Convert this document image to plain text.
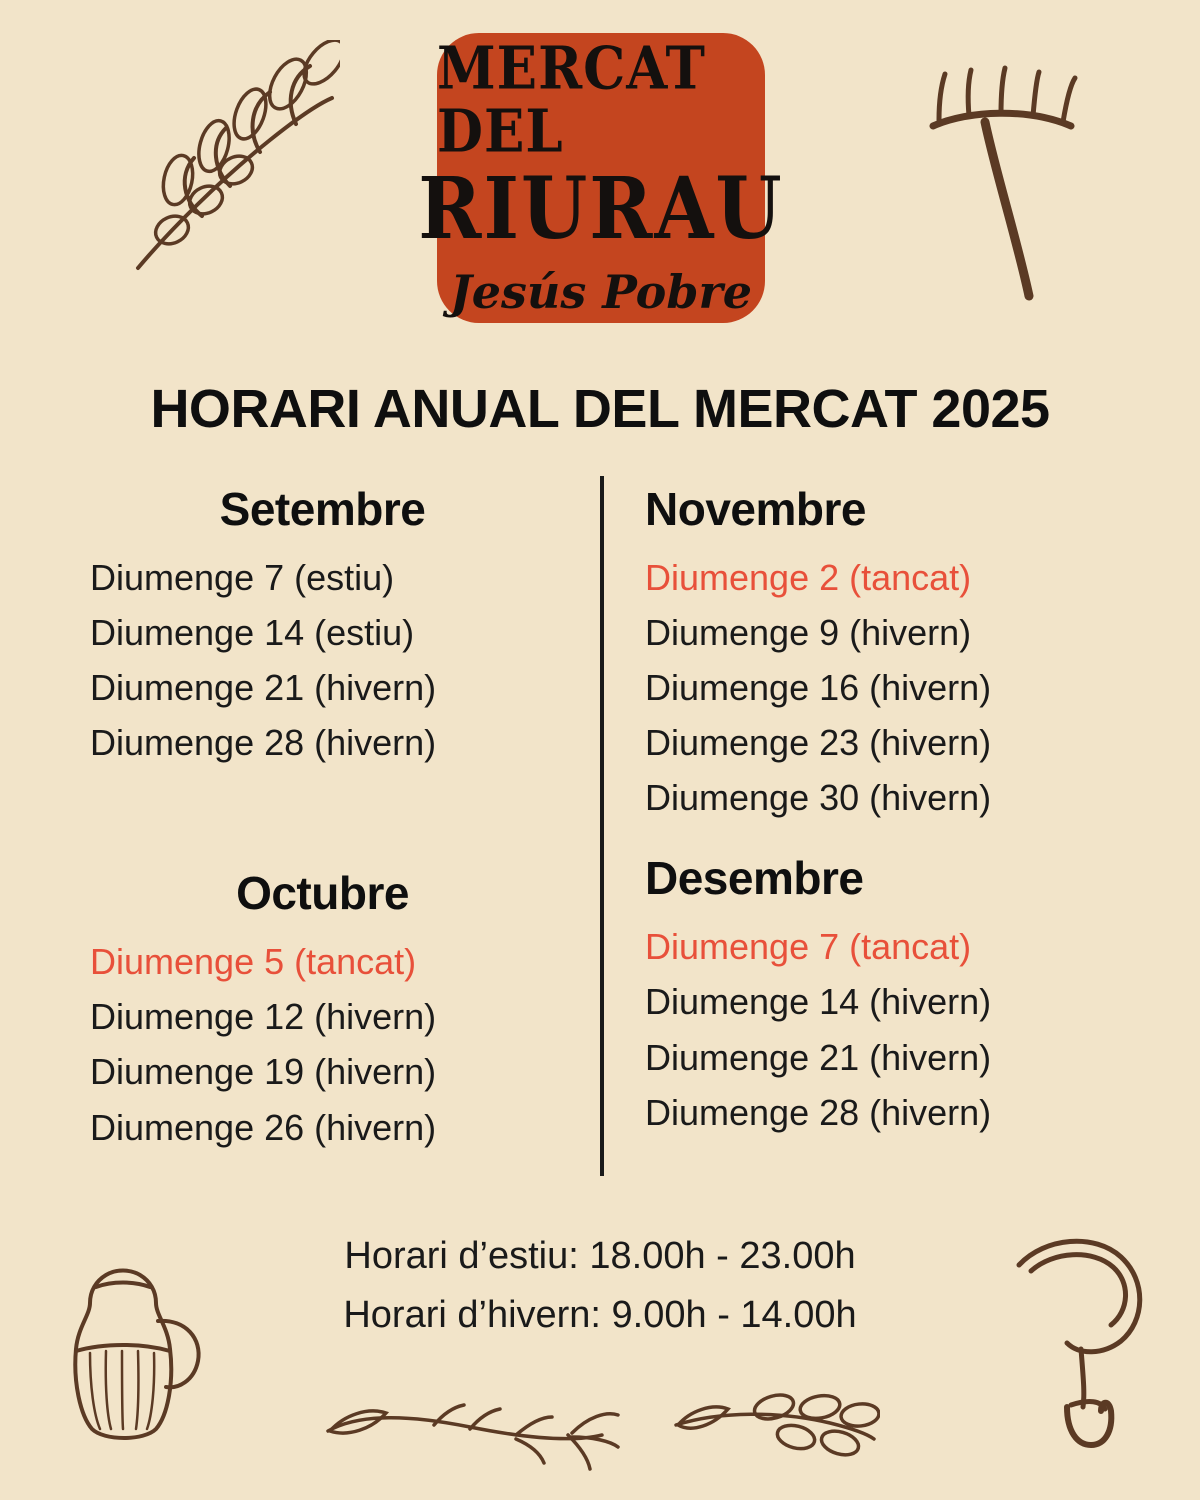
MERCAT DEL
RIURAU
Jesús Pobre
HORARI ANUAL DEL MERCAT 2025
Setembre
Diumenge 7 (estiu)
Diumenge 14 (estiu)
Diumenge 21 (hivern)
Diumenge 28 (hivern)
Octubre
Diumenge 5 (tancat)
Diumenge 12 (hivern)
Diumenge 19 (hivern)
Diumenge 26 (hivern)
Novembre
Diumenge 2 (tancat)
Diumenge 9 (hivern)
Diumenge 16 (hivern)
Diumenge 23 (hivern)
Diumenge 30 (hivern)
Desembre
Diumenge 7 (tancat)
Diumenge 14 (hivern)
Diumenge 21 (hivern)
Diumenge 28 (hivern)
Horari d’estiu: 18.00h - 23.00h
Horari d’hivern: 9.00h - 14.00h
